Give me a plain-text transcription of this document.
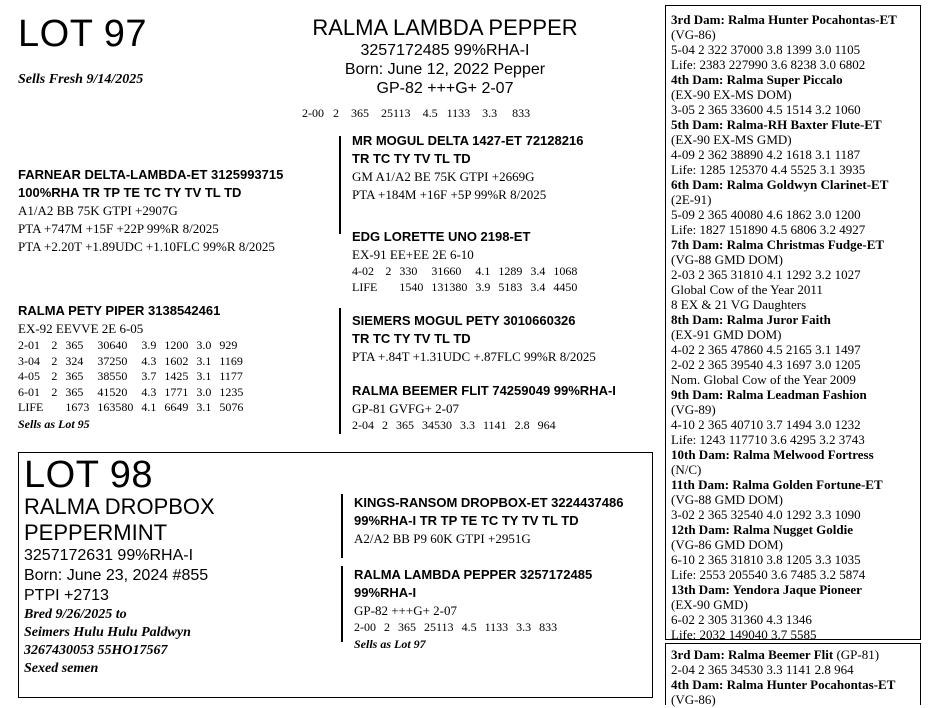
LOT 97
Sells Fresh 9/14/2025
RALMA LAMBDA PEPPER
3257172485 99%RHA-I
Born: June 12, 2022 Pepper
GP-82 +++G+ 2-07
2-00 2 365 25113 4.5 1133 3.3 833
FARNEAR DELTA-LAMBDA-ET 3125993715
100%RHA TR TP TE TC TY TV TL TD
A1/A2 BB 75K GTPI +2907G
PTA +747M +15F +22P 99%R 8/2025
PTA +2.20T +1.89UDC +1.10FLC 99%R 8/2025
RALMA PETY PIPER 3138542461
EX-92 EEVVE 2E 6-05
2-01	2	365	30640	3.9	1200	3.0	929
3-04	2	324	37250	4.3	1602	3.1	1169
4-05	2	365	38550	3.7	1425	3.1	1177
6-01	2	365	41520	4.3	1771	3.0	1235
LIFE		1673	163580	4.1	6649	3.1	5076
Sells as Lot 95
MR MOGUL DELTA 1427-ET 72128216
TR TC TY TV TL TD
GM A1/A2 BE 75K GTPI +2669G
PTA +184M +16F +5P 99%R 8/2025
EDG LORETTE UNO 2198-ET
EX-91 EE+EE 2E 6-10
4-02	2	330	31660	4.1	1289	3.4	1068
LIFE		1540	131380	3.9	5183	3.4	4450
SIEMERS MOGUL PETY 3010660326
TR TC TY TV TL TD
PTA +.84T +1.31UDC +.87FLC 99%R 8/2025
RALMA BEEMER FLIT 74259049 99%RHA-I
GP-81 GVFG+ 2-07
2-04	2	365	34530	3.3	1141	2.8	964
LOT 98
RALMA DROPBOX
PEPPERMINT
3257172631 99%RHA-I
Born: June 23, 2024 #855
PTPI +2713
Bred 9/26/2025 to
Seimers Hulu Hulu Paldwyn
3267430053 55HO17567
Sexed semen
KINGS-RANSOM DROPBOX-ET 3224437486
99%RHA-I TR TP TE TC TY TV TL TD
A2/A2 BB P9 60K GTPI +2951G
RALMA LAMBDA PEPPER 3257172485
99%RHA-I
GP-82 +++G+ 2-07
2-00	2	365	25113	4.5	1133	3.3	833
Sells as Lot 97
3rd Dam: Ralma Hunter Pocahontas-ET
(VG-86)
5-04 2 322 37000 3.8 1399 3.0 1105
Life: 2383 227990 3.6 8238 3.0 6802
4th Dam: Ralma Super Piccalo
(EX-90 EX-MS DOM)
3-05 2 365 33600 4.5 1514 3.2 1060
5th Dam: Ralma-RH Baxter Flute-ET
(EX-90 EX-MS GMD)
4-09 2 362 38890 4.2 1618 3.1 1187
Life: 1285 125370 4.4 5525 3.1 3935
6th Dam: Ralma Goldwyn Clarinet-ET
(2E-91)
5-09 2 365 40080 4.6 1862 3.0 1200
Life: 1827 151890 4.5 6806 3.2 4927
7th Dam: Ralma Christmas Fudge-ET
(VG-88 GMD DOM)
2-03 2 365 31810 4.1 1292 3.2 1027
Global Cow of the Year 2011
8 EX & 21 VG Daughters
8th Dam: Ralma Juror Faith
(EX-91 GMD DOM)
4-02 2 365 47860 4.5 2165 3.1 1497
2-02 2 365 39540 4.3 1697 3.0 1205
Nom. Global Cow of the Year 2009
9th Dam: Ralma Leadman Fashion
(VG-89)
4-10 2 365 40710 3.7 1494 3.0 1232
Life: 1243 117710 3.6 4295 3.2 3743
10th Dam: Ralma Melwood Fortress
(N/C)
11th Dam: Ralma Golden Fortune-ET
(VG-88 GMD DOM)
3-02 2 365 32540 4.0 1292 3.3 1090
12th Dam: Ralma Nugget Goldie
(VG-86 GMD DOM)
6-10 2 365 31810 3.8 1205 3.3 1035
Life: 2553 205540 3.6 7485 3.2 5874
13th Dam: Yendora Jaque Pioneer
(EX-90 GMD)
6-02 2 305 31360 4.3 1346
Life: 2032 149040 3.7 5585
3rd Dam: Ralma Beemer Flit (GP-81)
2-04 2 365 34530 3.3 1141 2.8 964
4th Dam: Ralma Hunter Pocahontas-ET
(VG-86)
